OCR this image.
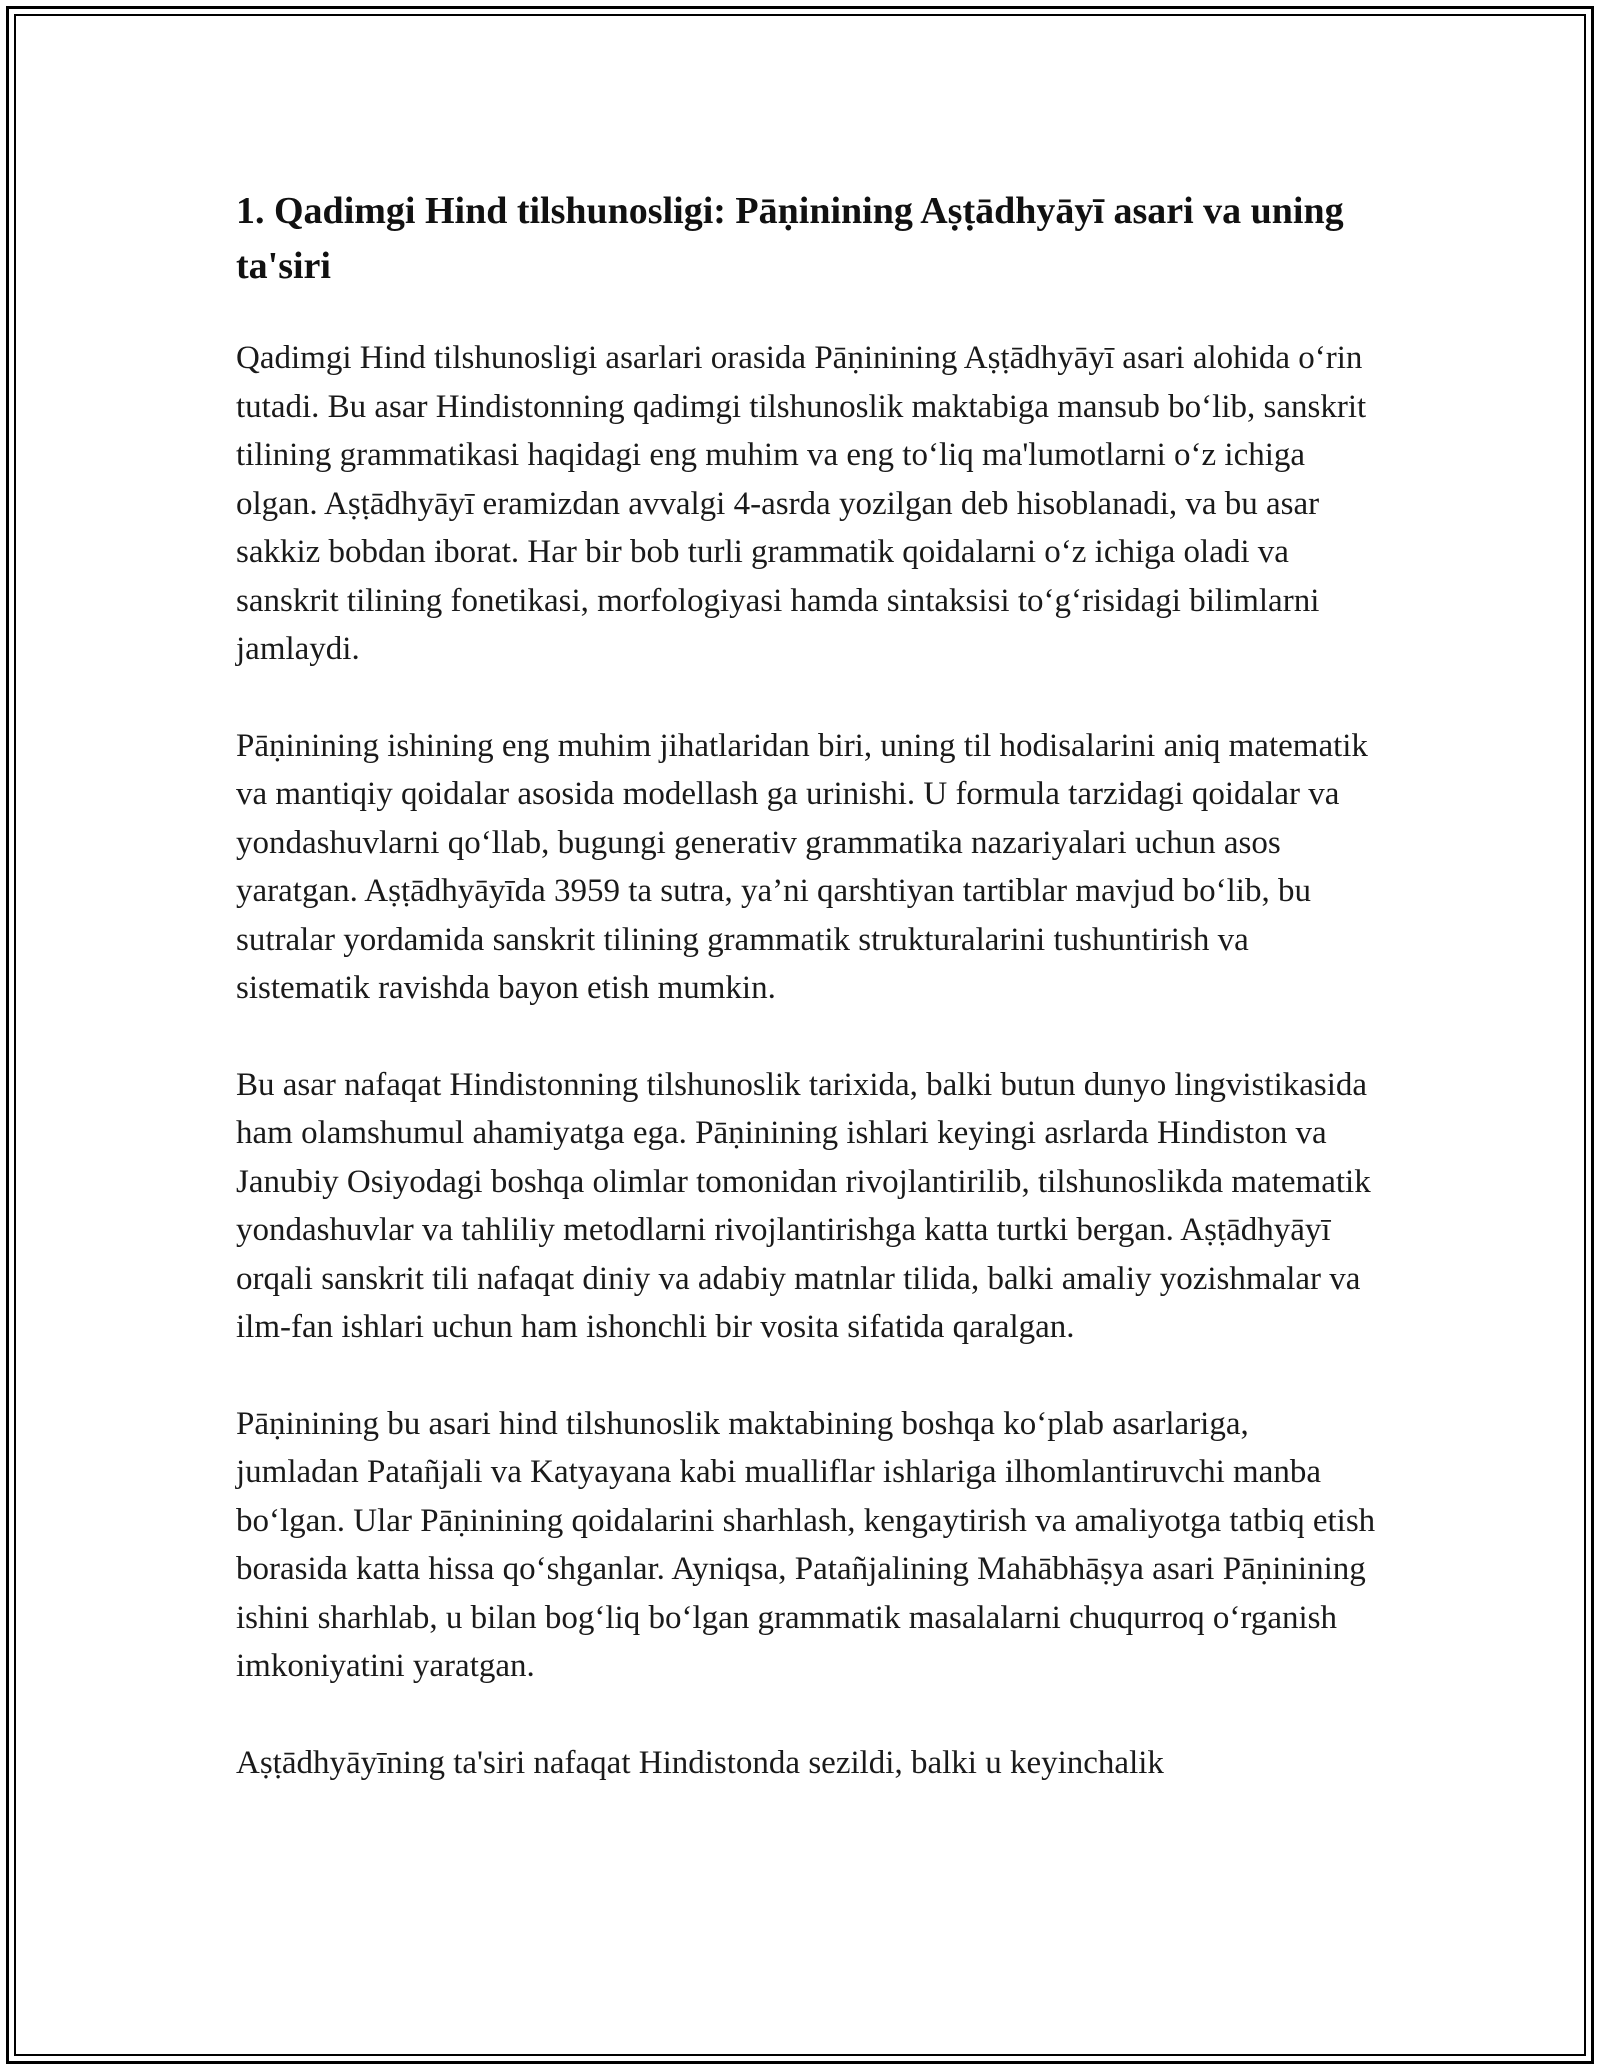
1. Qadimgi Hind tilshunosligi: Pāṇinining Aṣṭādhyāyī asari va uning ta'siri

Qadimgi Hind tilshunosligi asarlari orasida Pāṇinining Aṣṭādhyāyī asari alohida oʻrin tutadi. Bu asar Hindistonning qadimgi tilshunoslik maktabiga mansub boʻlib, sanskrit tilining grammatikasi haqidagi eng muhim va eng toʻliq ma'lumotlarni oʻz ichiga olgan. Aṣṭādhyāyī eramizdan avvalgi 4-asrda yozilgan deb hisoblanadi, va bu asar sakkiz bobdan iborat. Har bir bob turli grammatik qoidalarni oʻz ichiga oladi va sanskrit tilining fonetikasi, morfologiyasi hamda sintaksisi toʻgʻrisidagi bilimlarni jamlaydi.

Pāṇinining ishining eng muhim jihatlaridan biri, uning til hodisalarini aniq matematik va mantiqiy qoidalar asosida modellash ga urinishi. U formula tarzidagi qoidalar va yondashuvlarni qoʻllab, bugungi generativ grammatika nazariyalari uchun asos yaratgan. Aṣṭādhyāyīda 3959 ta sutra, ya’ni qarshtiyan tartiblar mavjud boʻlib, bu sutralar yordamida sanskrit tilining grammatik strukturalarini tushuntirish va sistematik ravishda bayon etish mumkin.

Bu asar nafaqat Hindistonning tilshunoslik tarixida, balki butun dunyo lingvistikasida ham olamshumul ahamiyatga ega. Pāṇinining ishlari keyingi asrlarda Hindiston va Janubiy Osiyodagi boshqa olimlar tomonidan rivojlantirilib, tilshunoslikda matematik yondashuvlar va tahliliy metodlarni rivojlantirishga katta turtki bergan. Aṣṭādhyāyī orqali sanskrit tili nafaqat diniy va adabiy matnlar tilida, balki amaliy yozishmalar va ilm-fan ishlari uchun ham ishonchli bir vosita sifatida qaralgan.

Pāṇinining bu asari hind tilshunoslik maktabining boshqa koʻplab asarlariga, jumladan Patañjali va Katyayana kabi mualliflar ishlariga ilhomlantiruvchi manba boʻlgan. Ular Pāṇinining qoidalarini sharhlash, kengaytirish va amaliyotga tatbiq etish borasida katta hissa qoʻshganlar. Ayniqsa, Patañjalining Mahābhāṣya asari Pāṇinining ishini sharhlab, u bilan bogʻliq boʻlgan grammatik masalalarni chuqurroq oʻrganish imkoniyatini yaratgan.

Aṣṭādhyāyīning ta'siri nafaqat Hindistonda sezildi, balki u keyinchalik
